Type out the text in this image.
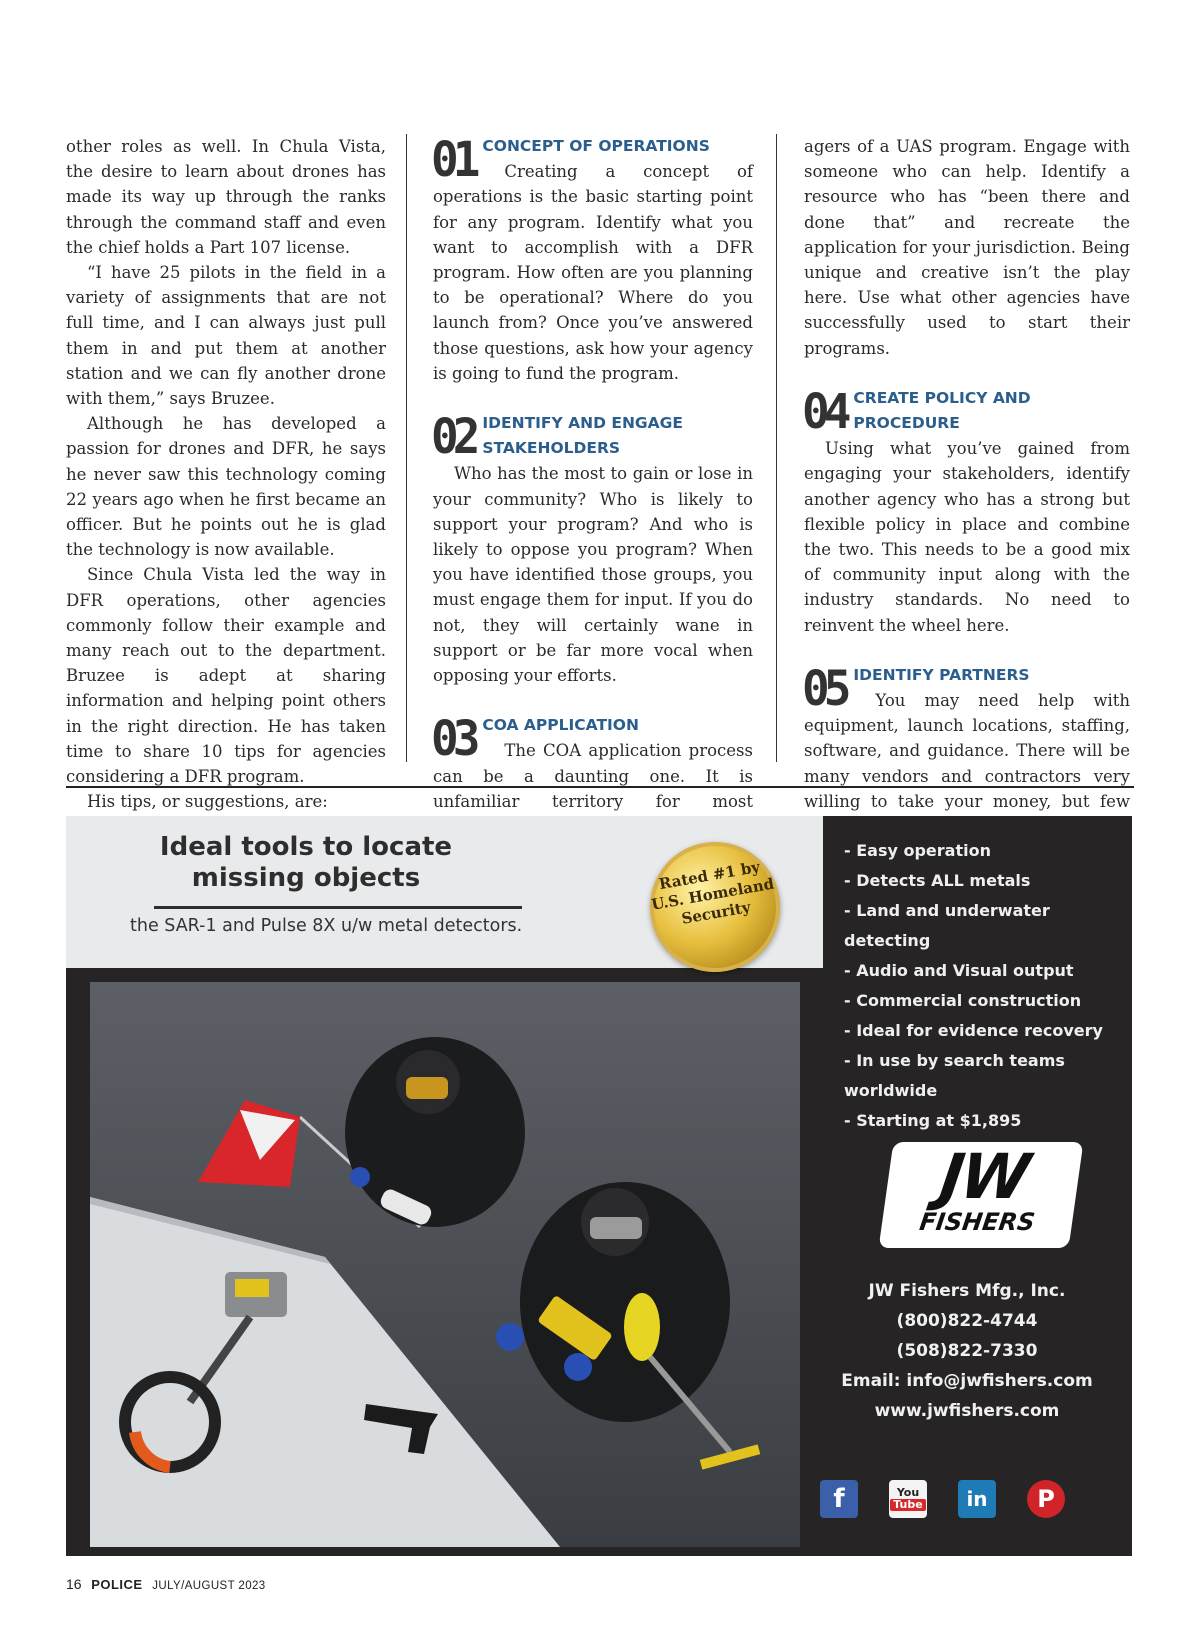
other roles as well. In Chula Vista, the desire to learn about drones has made its way up through the ranks through the command staff and even the chief holds a Part 107 license.

“I have 25 pilots in the field in a variety of assignments that are not full time, and I can always just pull them in and put them at another station and we can fly another drone with them,” says Bruzee.

Although he has developed a passion for drones and DFR, he says he never saw this technology coming 22 years ago when he first became an officer. But he points out he is glad the technology is now available.

Since Chula Vista led the way in DFR operations, other agencies commonly follow their example and many reach out to the department. Bruzee is adept at sharing information and helping point others in the right direction. He has taken time to share 10 tips for agencies considering a DFR program.

His tips, or suggestions, are:

01 CONCEPT OF OPERATIONS

Creating a concept of operations is the basic starting point for any program. Identify what you want to accomplish with a DFR program. How often are you planning to be operational? Where do you launch from? Once you’ve answered those questions, ask how your agency is going to fund the program.

02 IDENTIFY AND ENGAGE STAKEHOLDERS

Who has the most to gain or lose in your community? Who is likely to support your program? And who is likely to oppose you program? When you have identified those groups, you must engage them for input. If you do not, they will certainly wane in support or be far more vocal when opposing your efforts.

03 COA APPLICATION

The COA application process can be a daunting one. It is unfamiliar territory for most

agers of a UAS program. Engage with someone who can help. Identify a resource who has “been there and done that” and recreate the application for your jurisdiction. Being unique and creative isn’t the play here. Use what other agencies have successfully used to start their programs.

04 CREATE POLICY AND PROCEDURE

Using what you’ve gained from engaging your stakeholders, identify another agency who has a strong but flexible policy in place and combine the two. This needs to be a good mix of community input along with the industry standards. No need to reinvent the wheel here.

05 IDENTIFY PARTNERS

You may need help with equipment, launch locations, staffing, software, and guidance. There will be many vendors and contractors very willing to take your money, but few

Ideal tools to locate missing objects
the SAR-1 and Pulse 8X u/w metal detectors.
Rated #1 by U.S. Homeland Security
- Easy operation
- Detects ALL metals
- Land and underwater detecting
- Audio and Visual output
- Commercial construction
- Ideal for evidence recovery
- In use by search teams worldwide
- Starting at $1,895
JW
FISHERS
JW Fishers Mfg., Inc.
(800)822-4744
(508)822-7330
Email: info@jwfishers.com
www.jwfishers.com
f	You
Tube	in	P
16 POLICE JULY/AUGUST 2023
